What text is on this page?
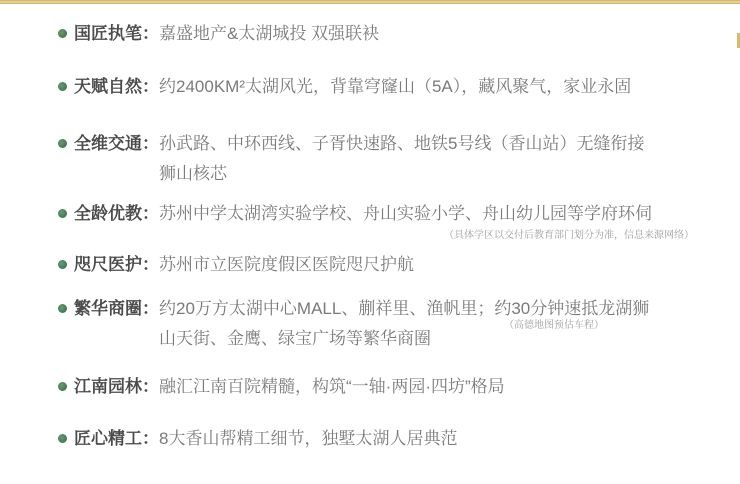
国匠执笔： 嘉盛地产&太湖城投 双强联袂
天赋自然： 约2400KM²太湖风光，背靠穹窿山（5A），藏风聚气，家业永固
全维交通： 孙武路、中环西线、子胥快速路、地铁5号线（香山站）无缝衔接
狮山核芯
全龄优教： 苏州中学太湖湾实验学校、舟山实验小学、舟山幼儿园等学府环伺
（具体学区以交付后教育部门划分为准，信息来源网络）
咫尺医护： 苏州市立医院度假区医院咫尺护航
繁华商圈： 约20万方太湖中心MALL、蒯祥里、渔帆里；约30分钟速抵龙湖狮
山天街、金鹰、绿宝广场等繁华商圈
（高德地图预估车程）
江南园林： 融汇江南百院精髓，构筑“一轴·两园·四坊”格局
匠心精工： 8大香山帮精工细节，独墅太湖人居典范
